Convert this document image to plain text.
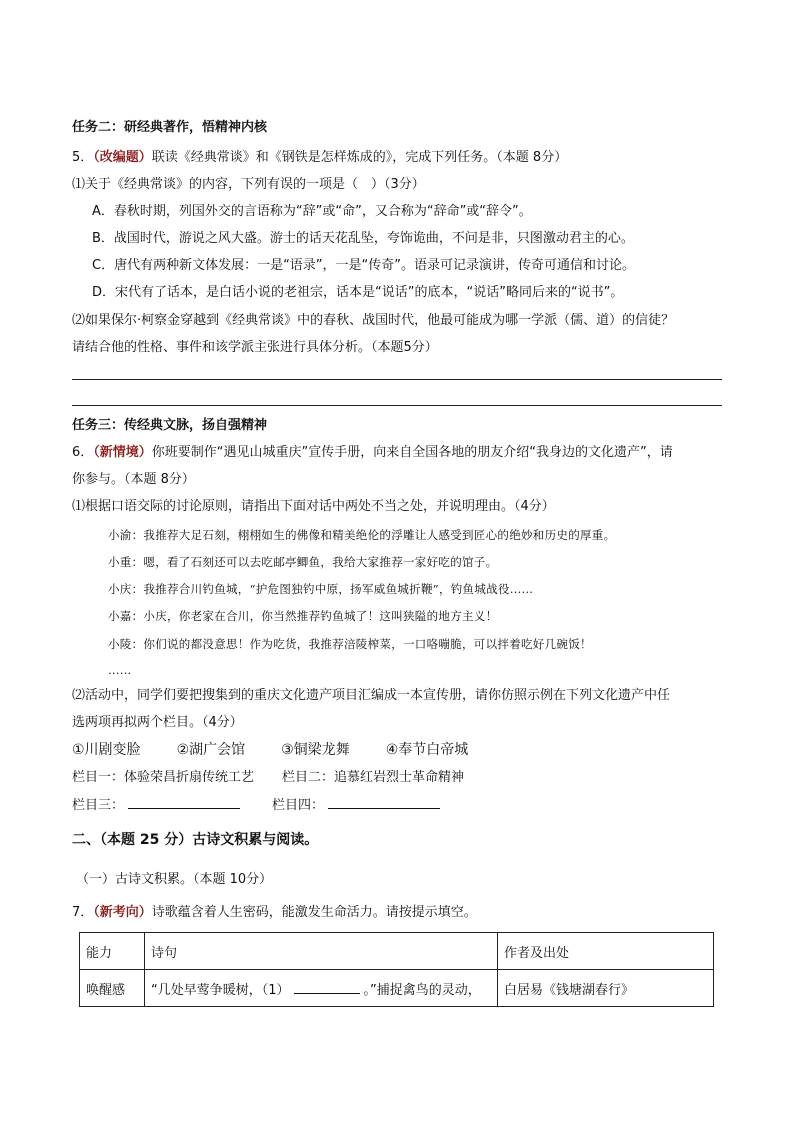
任务二：研经典著作，悟精神内核
5．（改编题）联读《经典常谈》和《钢铁是怎样炼成的》，完成下列任务。（本题 8分）
⑴关于《经典常谈》的内容，下列有误的一项是（　）（3分）
A．春秋时期，列国外交的言语称为“辞”或“命”，又合称为“辞命”或“辞令”。
B．战国时代，游说之风大盛。游士的话天花乱坠，夸饰诡曲，不问是非，只图激动君主的心。
C．唐代有两种新文体发展：一是“语录”，一是“传奇”。语录可记录演讲，传奇可通信和讨论。
D．宋代有了话本，是白话小说的老祖宗，话本是“说话”的底本，“说话”略同后来的“说书”。
⑵如果保尔·柯察金穿越到《经典常谈》中的春秋、战国时代，他最可能成为哪一学派（儒、道）的信徒？
请结合他的性格、事件和该学派主张进行具体分析。（本题5分）
任务三：传经典文脉，扬自强精神
6．（新情境）你班要制作“遇见山城重庆”宣传手册，向来自全国各地的朋友介绍“我身边的文化遗产”，请
你参与。（本题 8分）
⑴根据口语交际的讨论原则，请指出下面对话中两处不当之处，并说明理由。（4分）
小渝：我推荐大足石刻，栩栩如生的佛像和精美绝伦的浮雕让人感受到匠心的绝妙和历史的厚重。
小重：嗯，看了石刻还可以去吃邮亭鲫鱼，我给大家推荐一家好吃的馆子。
小庆：我推荐合川钓鱼城，“护危图独钓中原，扬军威鱼城折鞭”，钓鱼城战役……
小嘉：小庆，你老家在合川，你当然推荐钓鱼城了！这叫狭隘的地方主义！
小陵：你们说的都没意思！作为吃货，我推荐涪陵榨菜，一口咯嘣脆，可以拌着吃好几碗饭！
……
⑵活动中，同学们要把搜集到的重庆文化遗产项目汇编成一本宣传册，请你仿照示例在下列文化遗产中任
选两项再拟两个栏目。（4分）
①川剧变脸	②湖广会馆	③铜梁龙舞	④奉节白帝城
栏目一：体验荣昌折扇传统工艺 栏目二：追慕红岩烈士革命精神
栏目三：	栏目四：
二、（本题 25 分）古诗文积累与阅读。
（一）古诗文积累。（本题 10分）
7．（新考向）诗歌蕴含着人生密码，能激发生命活力。请按提示填空。
能力	诗句	作者及出处
唤醒感	“几处早莺争暖树，（1） 。”捕捉禽鸟的灵动，	白居易《钱塘湖春行》
